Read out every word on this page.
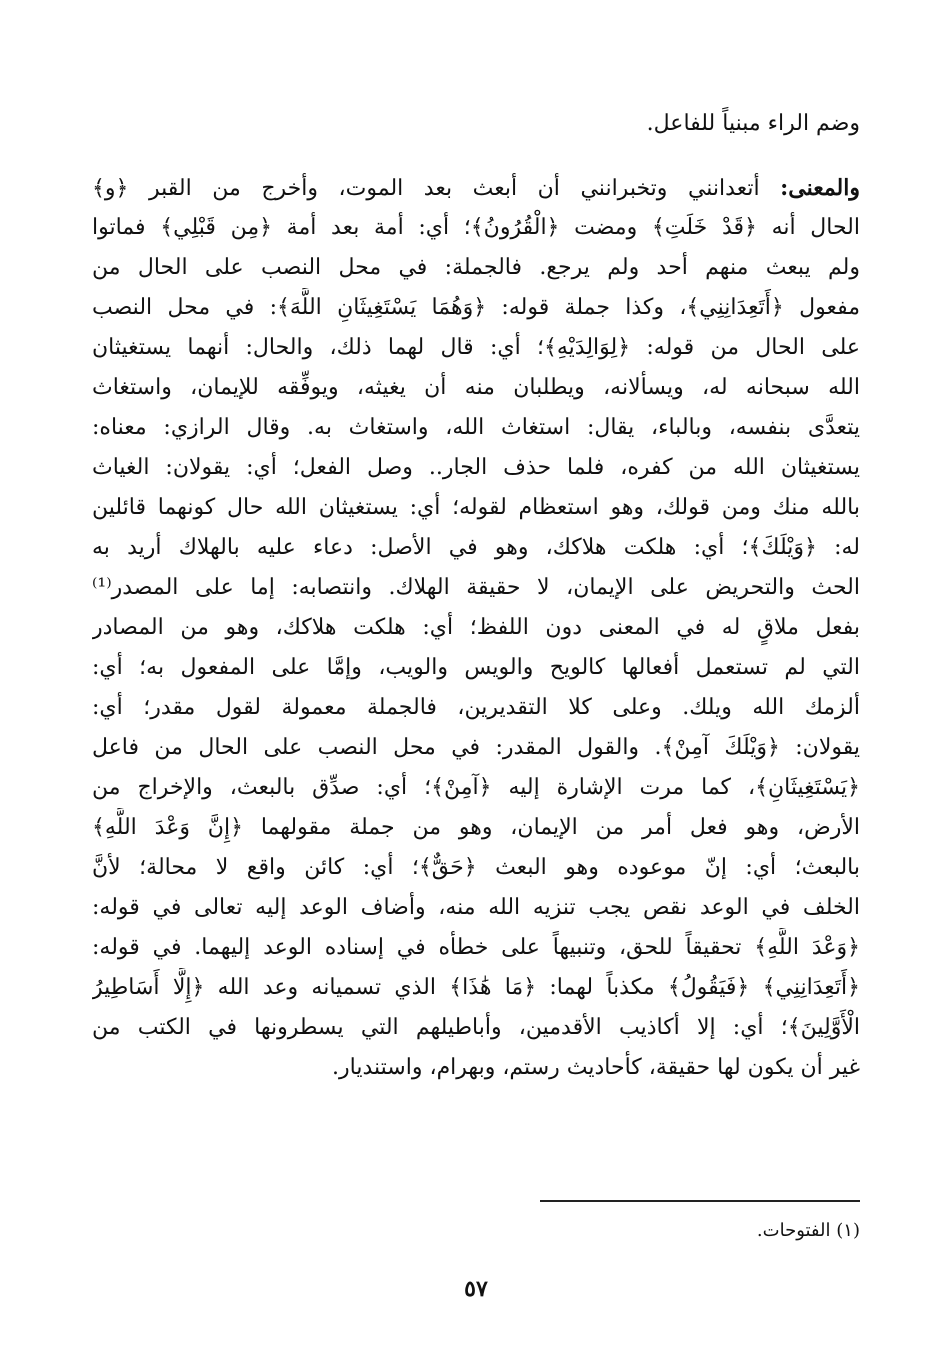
وضم الراء مبنياً للفاعل.
والمعنى: أتعدانني وتخبرانني أن أبعث بعد الموت، وأخرج من القبر ﴿و﴾
الحال أنه ﴿قَدْ خَلَتِ﴾ ومضت ﴿الْقُرُونُ﴾؛ أي: أمة بعد أمة ﴿مِن قَبْلِي﴾ فماتوا
ولم يبعث منهم أحد ولم يرجع. فالجملة: في محل النصب على الحال من
مفعول ﴿أَتَعِدَانِنِي﴾، وكذا جملة قوله: ﴿وَهُمَا يَسْتَغِيثَانِ اللَّهَ﴾: في محل النصب
على الحال من قوله: ﴿لِوَالِدَيْهِ﴾؛ أي: قال لهما ذلك، والحال: أنهما يستغيثان
الله سبحانه له، ويسألانه، ويطلبان منه أن يغيثه، ويوفِّقه للإيمان، واستغاث
يتعدَّى بنفسه، وبالباء، يقال: استغاث الله، واستغاث به. وقال الرازي: معناه:
يستغيثان الله من كفره، فلما حذف الجار.. وصل الفعل؛ أي: يقولان: الغياث
بالله منك ومن قولك، وهو استعظام لقوله؛ أي: يستغيثان الله حال كونهما قائلين
له: ﴿وَيْلَكَ﴾؛ أي: هلكت هلاكك، وهو في الأصل: دعاء عليه بالهلاك أريد به
الحث والتحريض على الإيمان، لا حقيقة الهلاك. وانتصابه: إما على المصدر⁽¹⁾
بفعل ملاقٍ له في المعنى دون اللفظ؛ أي: هلكت هلاكك، وهو من المصادر
التي لم تستعمل أفعالها كالويح والويس والويب، وإمَّا على المفعول به؛ أي:
ألزمك الله ويلك. وعلى كلا التقديرين، فالجملة معمولة لقول مقدر؛ أي:
يقولان: ﴿وَيْلَكَ آمِنْ﴾. والقول المقدر: في محل النصب على الحال من فاعل
﴿يَسْتَغِيثَانِ﴾، كما مرت الإشارة إليه ﴿آمِنْ﴾؛ أي: صدِّق بالبعث، والإخراج من
الأرض، وهو فعل أمر من الإيمان، وهو من جملة مقولهما ﴿إِنَّ وَعْدَ اللَّهِ﴾
بالبعث؛ أي: إنّ موعوده وهو البعث ﴿حَقٌّ﴾؛ أي: كائن واقع لا محالة؛ لأنَّ
الخلف في الوعد نقص يجب تنزيه الله منه، وأضاف الوعد إليه تعالى في قوله:
﴿وَعْدَ اللَّهِ﴾ تحقيقاً للحق، وتنبيهاً على خطأه في إسناده الوعد إليهما. في قوله:
﴿أَتَعِدَانِنِي﴾ ﴿فَيَقُولُ﴾ مكذباً لهما: ﴿مَا هَٰذَا﴾ الذي تسميانه وعد الله ﴿إِلَّا أَسَاطِيرُ
الْأَوَّلِينَ﴾؛ أي: إلا أكاذيب الأقدمين، وأباطيلهم التي يسطرونها في الكتب من
غير أن يكون لها حقيقة، كأحاديث رستم، وبهرام، واستنديار.
(١) الفتوحات.
٥٧
